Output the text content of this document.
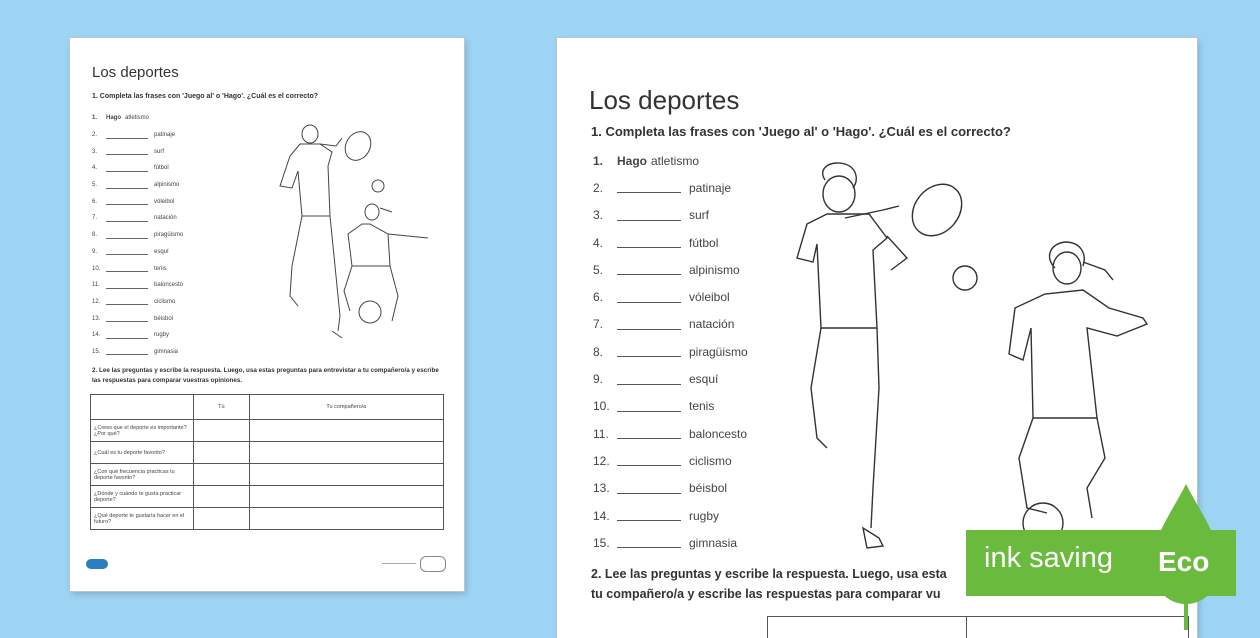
Los deportes
1. Completa las frases con 'Juego al' o 'Hago'. ¿Cuál es el correcto?
1.	Hago atletismo
2.	patinaje
3.	surf
4.	fútbol
5.	alpinismo
6.	vóleibol
7.	natación
8.	piragüismo
9.	esquí
10.	tenis
11.	baloncesto
12.	ciclismo
13.	béisbol
14.	rugby
15.	gimnasia
2. Lee las preguntas y escribe la respuesta. Luego, usa estas preguntas para entrevistar a tu compañero/a y escribe las respuestas para comparar vuestras opiniones.
	Tú	Tu compañero/a
¿Crees que el deporte es importante? ¿Por qué?		
¿Cuál es tu deporte favorito?		
¿Con qué frecuencia practicas tu deporte favorito?		
¿Dónde y cuándo te gusta practicar deporte?		
¿Qué deporte te gustaría hacer en el futuro?		
Los deportes
1. Completa las frases con 'Juego al' o 'Hago'. ¿Cuál es el correcto?
1.	Hago atletismo
2.	patinaje
3.	surf
4.	fútbol
5.	alpinismo
6.	vóleibol
7.	natación
8.	piragüismo
9.	esquí
10.	tenis
11.	baloncesto
12.	ciclismo
13.	béisbol
14.	rugby
15.	gimnasia
2. Lee las preguntas y escribe la respuesta. Luego, usa esta
tu compañero/a y escribe las respuestas para comparar vu
ink saving Eco
